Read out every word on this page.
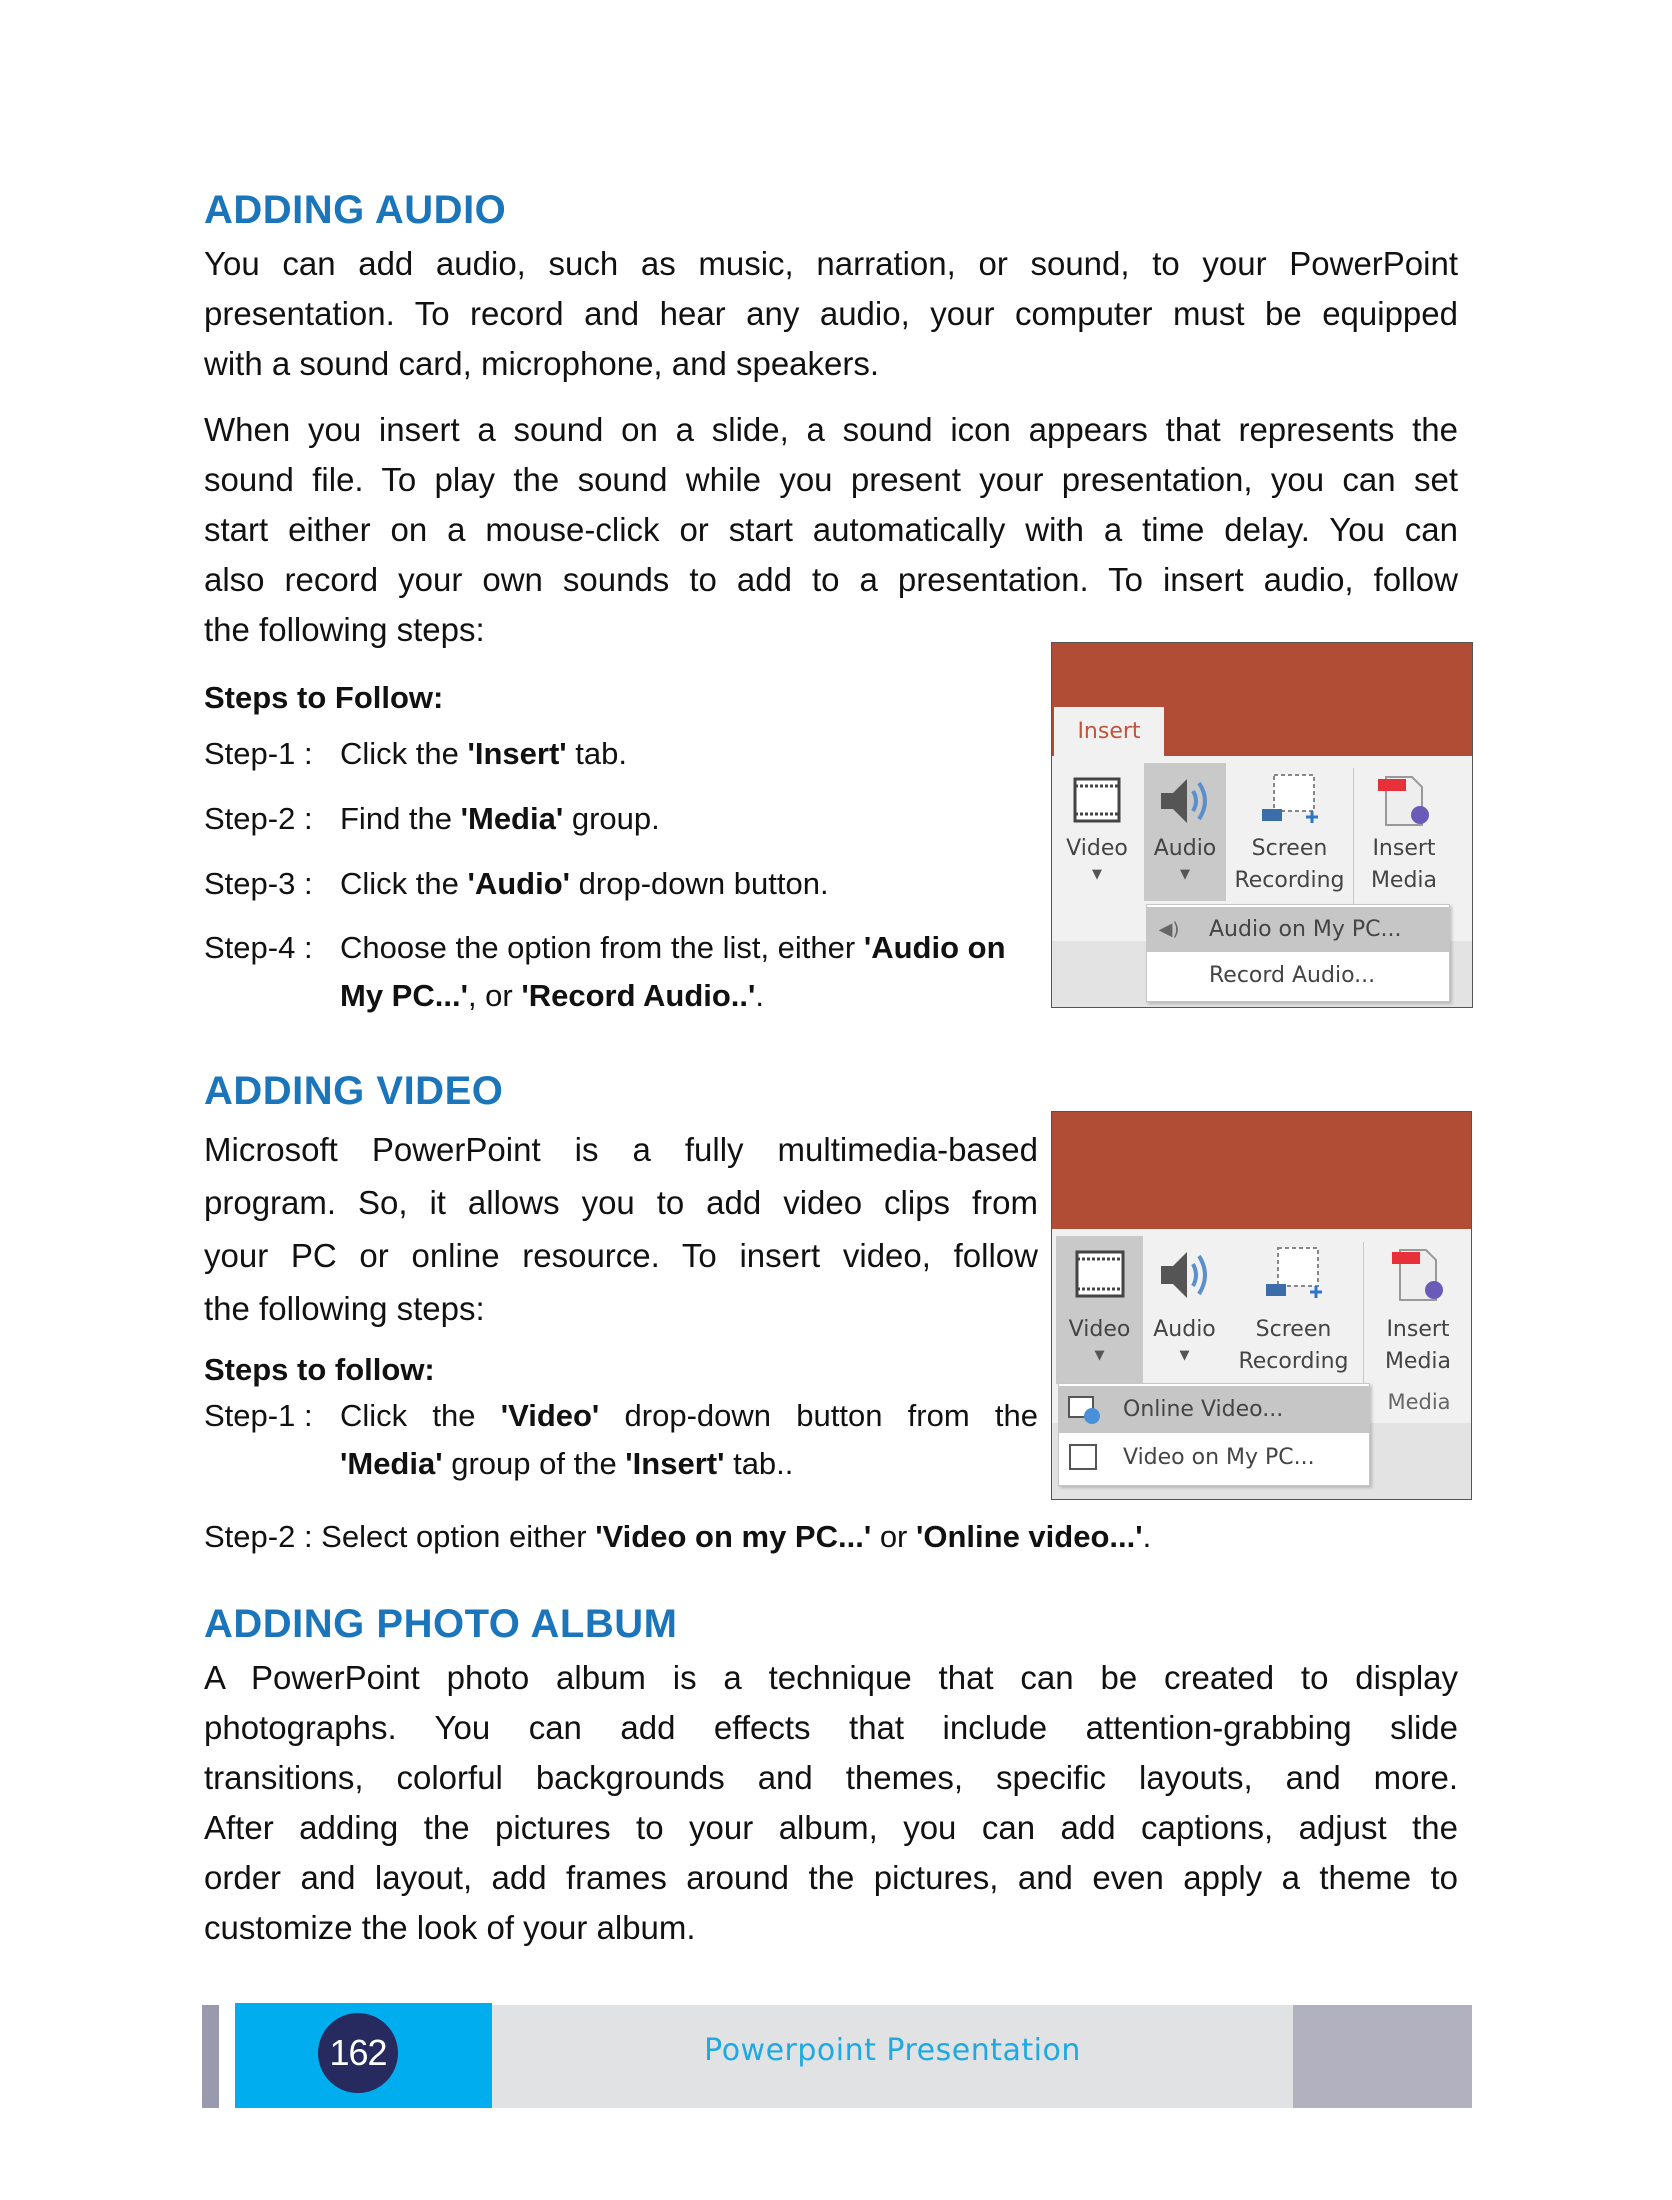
ADDING AUDIO
You can add audio, such as music, narration, or sound, to your PowerPoint
presentation. To record and hear any audio, your computer must be equipped
with a sound card, microphone, and speakers.
When you insert a sound on a slide, a sound icon appears that represents the
sound file. To play the sound while you present your presentation, you can set
start either on a mouse-click or start automatically with a time delay. You can
also record your own sounds to add to a presentation. To insert audio, follow
the following steps:
Steps to Follow:
Step-1 : Click the 'Insert' tab.
Step-2 : Find the 'Media' group.
Step-3 : Click the 'Audio' drop-down button.
Step-4 : Choose the option from the list, either 'Audio on My PC...', or 'Record Audio..'.
Insert
Video
▼
Audio
▼
Screen
Recording
Insert
Media
◀)	Audio on My PC...
Record Audio...
ADDING VIDEO
Microsoft PowerPoint is a fully multimedia-based
program. So, it allows you to add video clips from
your PC or online resource. To insert video, follow
the following steps:
Steps to follow:
Step-1 : Click the 'Video' drop-down button from the 'Media' group of the 'Insert' tab..
Step-2 : Select option either 'Video on my PC...' or 'Online video...'.
Video
▼
Audio
▼
Screen
Recording
Insert
Media
Media
Online Video...
Video on My PC...
ADDING PHOTO ALBUM
A PowerPoint photo album is a technique that can be created to display
photographs. You can add effects that include attention-grabbing slide
transitions, colorful backgrounds and themes, specific layouts, and more.
After adding the pictures to your album, you can add captions, adjust the
order and layout, add frames around the pictures, and even apply a theme to
customize the look of your album.
162	Powerpoint Presentation
